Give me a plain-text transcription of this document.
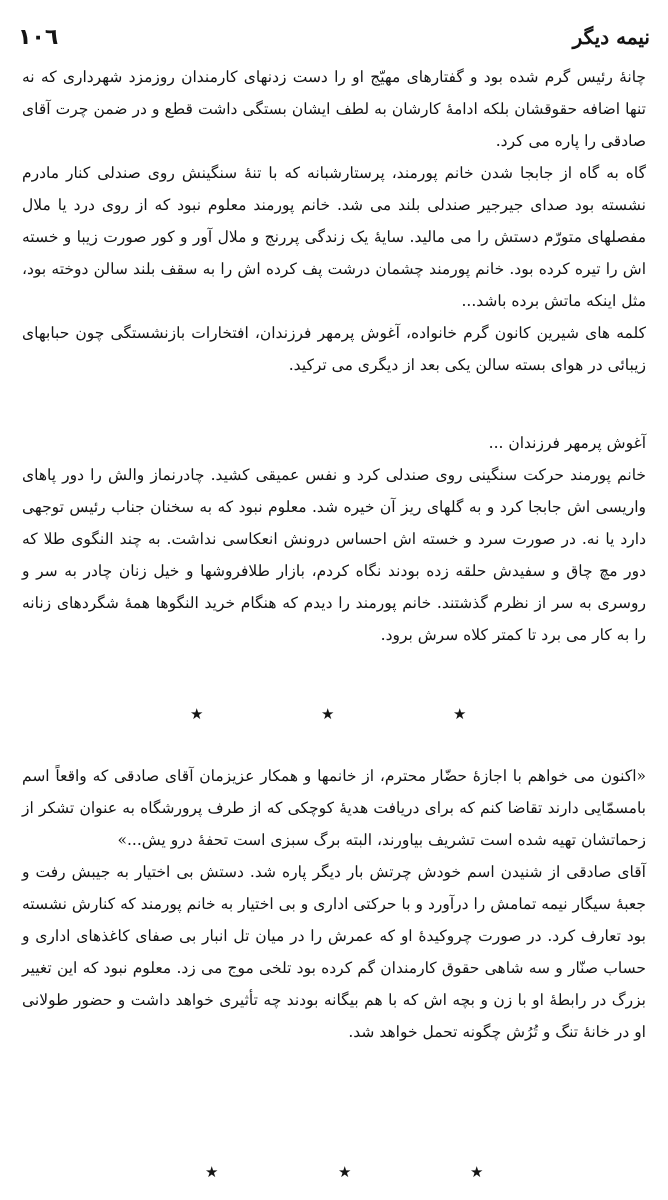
١٠٦	نیمه دیگر

چانهٔ رئیس گرم شده بود و گفتارهای مهیّج او را دست زدنهای کارمندان روزمزد شهرداری که نه تنها اضافه حقوقشان بلکه ادامهٔ کارشان به لطف ایشان بستگی داشت قطع و در ضمن چرت آقای صادقی را پاره می کرد.

گاه به گاه از جابجا شدن خانم پورمند، پرستارشبانه که با تنهٔ سنگینش روی صندلی کنار مادرم نشسته بود صدای جیرجیر صندلی بلند می شد. خانم پورمند معلوم نبود که از روی درد یا ملال مفصلهای متورّم دستش را می مالید. سایهٔ یک زندگی پررنج و ملال آور و کور صورت زیبا و خسته اش را تیره کرده بود. خانم پورمند چشمان درشت پف کرده اش را به سقف بلند سالن دوخته بود، مثل اینکه ماتش برده باشد...

کلمه های شیرین کانون گرم خانواده، آغوش پرمهر فرزندان، افتخارات بازنشستگی چون حبابهای زیبائی در هوای بسته سالن یکی بعد از دیگری می ترکید.

آغوش پرمهر فرزندان ...

خانم پورمند حرکت سنگینی روی صندلی کرد و نفس عمیقی کشید. چادرنماز والش را دور پاهای واریسی اش جابجا کرد و به گلهای ریز آن خیره شد. معلوم نبود که به سخنان جناب رئیس توجهی دارد یا نه. در صورت سرد و خسته اش احساس درونش انعکاسی نداشت. به چند النگوی طلا که دور مچ چاق و سفیدش حلقه زده بودند نگاه کردم، بازار طلافروشها و خیل زنان چادر به سر و روسری به سر از نظرم گذشتند. خانم پورمند را دیدم که هنگام خرید النگوها همهٔ شگردهای زنانه را به کار می برد تا کمتر کلاه سرش برود.

★	★	★

«اکنون می خواهم با اجازهٔ حضّار محترم، از خانمها و همکار عزیزمان آقای صادقی که واقعاً اسم بامسمّایی دارند تقاضا کنم که برای دریافت هدیهٔ کوچکی که از طرف پرورشگاه به عنوان تشکر از زحماتشان تهیه شده است تشریف بیاورند، البته برگ سبزی است تحفهٔ درو یش...»

آقای صادقی از شنیدن اسم خودش چرتش بار دیگر پاره شد. دستش بی اختیار به جیبش رفت و جعبهٔ سیگار نیمه تمامش را درآورد و با حرکتی اداری و بی اختیار به خانم پورمند که کنارش نشسته بود تعارف کرد. در صورت چروکیدهٔ او که عمرش را در میان تل انبار بی صفای کاغذهای اداری و حساب صنّار و سه شاهی حقوق کارمندان گم کرده بود تلخی موج می زد. معلوم نبود که این تغییر بزرگ در رابطهٔ او با زن و بچه اش که با هم بیگانه بودند چه تأثیری خواهد داشت و حضور طولانی او در خانهٔ تنگ و تُرُش چگونه تحمل خواهد شد.

★	★	★
